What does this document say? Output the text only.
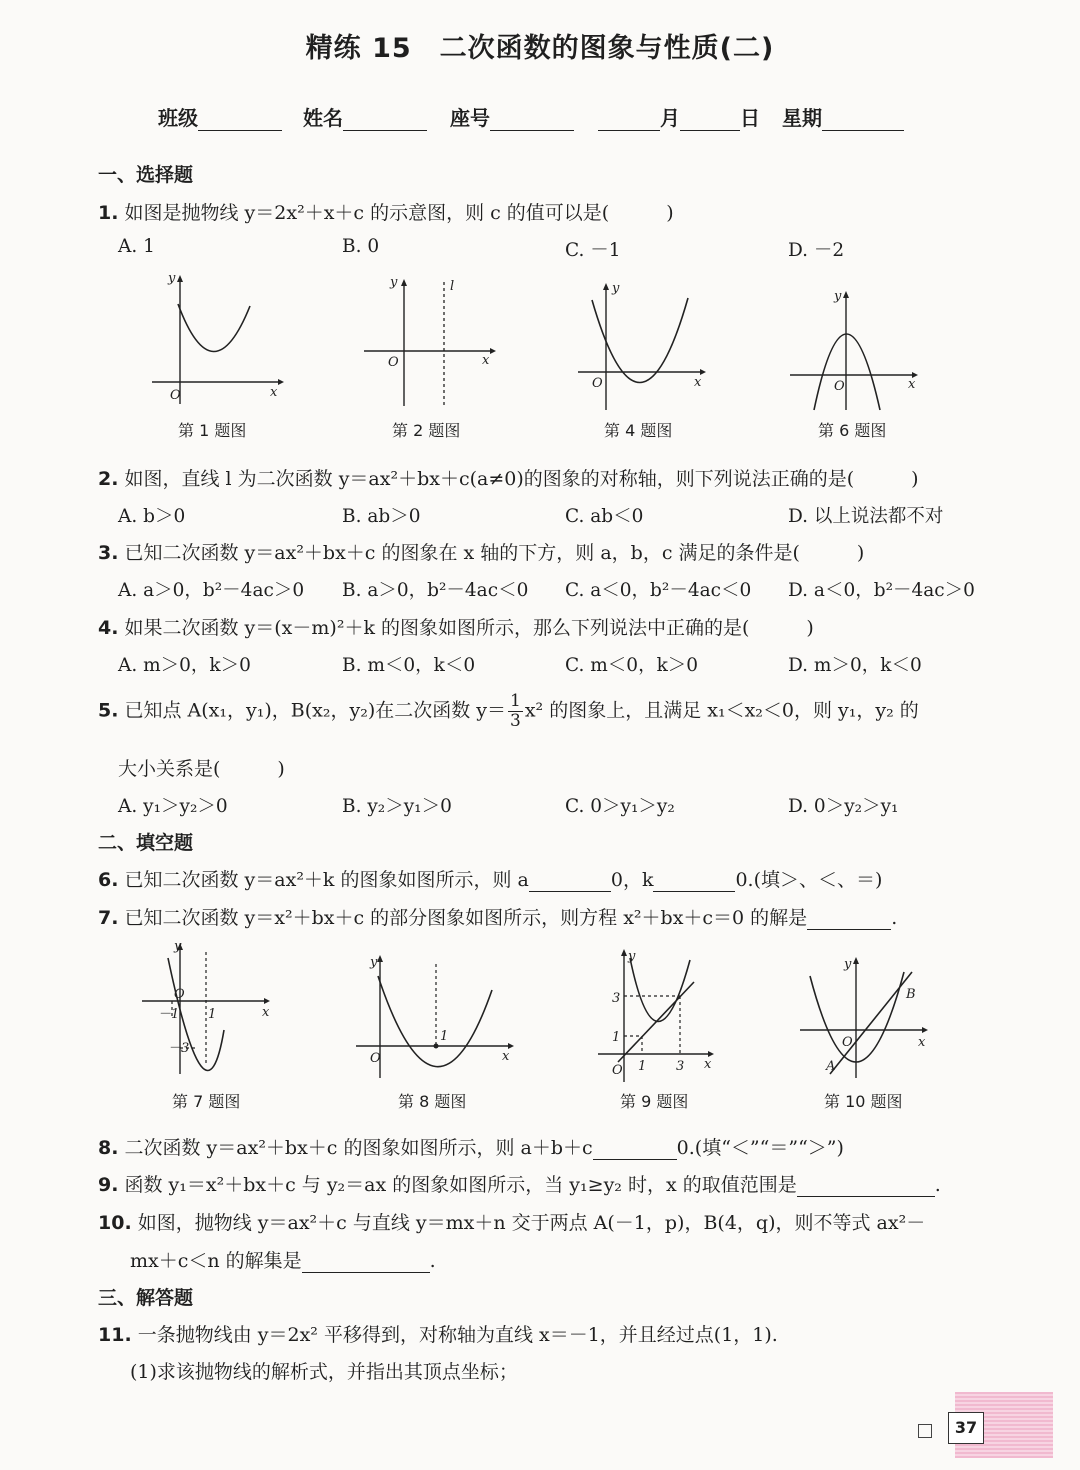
精练 15　二次函数的图象与性质(二)
班级	姓名	座号	月	日 星期
一、选择题
1. 如图是抛物线 y＝2x²＋x＋c 的示意图，则 c 的值可以是(　　　)
A. 1	B. 0	C. －1	D. －2
y
x
O
第 1 题图
y	l
x
O
第 2 题图
y
x
O
第 4 题图
y
x
O
第 6 题图
2. 如图，直线 l 为二次函数 y＝ax²＋bx＋c(a≠0)的图象的对称轴，则下列说法正确的是(　　　)
A. b＞0	B. ab＞0	C. ab＜0	D. 以上说法都不对
3. 已知二次函数 y＝ax²＋bx＋c 的图象在 x 轴的下方，则 a，b，c 满足的条件是(　　　)
A. a＞0，b²－4ac＞0 B. a＞0，b²－4ac＜0 C. a＜0，b²－4ac＜0 D. a＜0，b²－4ac＞0
4. 如果二次函数 y＝(x－m)²＋k 的图象如图所示，那么下列说法中正确的是(　　　)
A. m＞0，k＞0	B. m＜0，k＜0	C. m＜0，k＞0	D. m＞0，k＜0
5. 已知点 A(x₁，y₁)，B(x₂，y₂)在二次函数 $y= \frac{1}{3} x^2$ 的图象上，且满足 x₁＜x₂＜0，则 y₁，y₂ 的
大小关系是(　　　)
A. y₁＞y₂＞0	B. y₂＞y₁＞0	C. 0＞y₁＞y₂	D. 0＞y₂＞y₁
二、填空题
6. 已知二次函数 y＝ax²＋k 的图象如图所示，则 a	0，k	0.(填＞、＜、＝)
7. 已知二次函数 y＝x²＋bx＋c 的部分图象如图所示，则方程 x²＋bx＋c＝0 的解是	.
y
x
O
－1 1
－3
第 7 题图
y
x
O
1
第 8 题图
y
x
O
3
1
1 3
第 9 题图
y
x
O
A
B
第 10 题图
8. 二次函数 y＝ax²＋bx＋c 的图象如图所示，则 a＋b＋c	0.(填“＜”“＝”“＞”)
9. 函数 y₁＝x²＋bx＋c 与 y₂＝ax 的图象如图所示，当 y₁≥y₂ 时，x 的取值范围是	.
10. 如图，抛物线 y＝ax²＋c 与直线 y＝mx＋n 交于两点 A(－1，p)，B(4，q)，则不等式 ax²－
mx＋c＜n 的解集是	.
三、解答题
11. 一条抛物线由 y＝2x² 平移得到，对称轴为直线 x＝－1，并且经过点(1，1).
(1)求该抛物线的解析式，并指出其顶点坐标；
37
